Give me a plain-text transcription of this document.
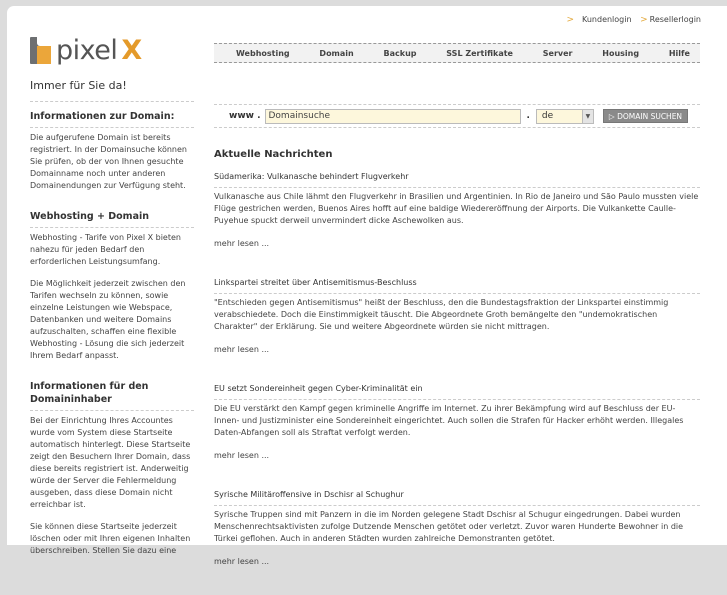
> Kundenlogin > Resellerlogin
pixel X
Immer für Sie da!
Informationen zur Domain:

Die aufgerufene Domain ist bereits registriert. In der Domainsuche können Sie prüfen, ob der von Ihnen gesuchte Domainname noch unter anderen Domainendungen zur Verfügung steht.

Webhosting + Domain

Webhosting - Tarife von Pixel X bieten nahezu für jeden Bedarf den erforderlichen Leistungsumfang.

Die Möglichkeit jederzeit zwischen den Tarifen wechseln zu können, sowie einzelne Leistungen wie Webspace, Datenbanken und weitere Domains aufzuschalten, schaffen eine flexible Webhosting - Lösung die sich jederzeit Ihrem Bedarf anpasst.

Informationen für den Domaininhaber

Bei der Einrichtung Ihres Accountes wurde vom System diese Startseite automatisch hinterlegt. Diese Startseite zeigt den Besuchern Ihrer Domain, dass diese bereits registriert ist. Anderweitig würde der Server die Fehlermeldung ausgeben, dass diese Domain nicht erreichbar ist.

Sie können diese Startseite jederzeit löschen oder mit Ihren eigenen Inhalten überschreiben. Stellen Sie dazu eine

Webhosting	Domain	Backup	SSL Zertifikate	Server	Housing	Hilfe
www .
Domainsuche	. de	▼	▷ DOMAIN SUCHEN
Aktuelle Nachrichten
Südamerika: Vulkanasche behindert Flugverkehr
Vulkanasche aus Chile lähmt den Flugverkehr in Brasilien und Argentinien. In Rio de Janeiro und São Paulo mussten viele Flüge gestrichen werden, Buenos Aires hofft auf eine baldige Wiedereröffnung der Airports. Die Vulkankette Caulle-Puyehue spuckt derweil unvermindert dicke Aschewolken aus.
mehr lesen ...
Linkspartei streitet über Antisemitismus-Beschluss
"Entschieden gegen Antisemitismus" heißt der Beschluss, den die Bundestagsfraktion der Linkspartei einstimmig verabschiedete. Doch die Einstimmigkeit täuscht. Die Abgeordnete Groth bemängelte den "undemokratischen Charakter" der Erklärung. Sie und weitere Abgeordnete würden sie nicht mittragen.
mehr lesen ...
EU setzt Sondereinheit gegen Cyber-Kriminalität ein
Die EU verstärkt den Kampf gegen kriminelle Angriffe im Internet. Zu ihrer Bekämpfung wird auf Beschluss der EU-Innen- und Justizminister eine Sondereinheit eingerichtet. Auch sollen die Strafen für Hacker erhöht werden. Illegales Daten-Abfangen soll als Straftat verfolgt werden.
mehr lesen ...
Syrische Militäroffensive in Dschisr al Schughur
Syrische Truppen sind mit Panzern in die im Norden gelegene Stadt Dschisr al Schugur eingedrungen. Dabei wurden Menschenrechtsaktivisten zufolge Dutzende Menschen getötet oder verletzt. Zuvor waren Hunderte Bewohner in die Türkei geflohen. Auch in anderen Städten wurden zahlreiche Demonstranten getötet.
mehr lesen ...
